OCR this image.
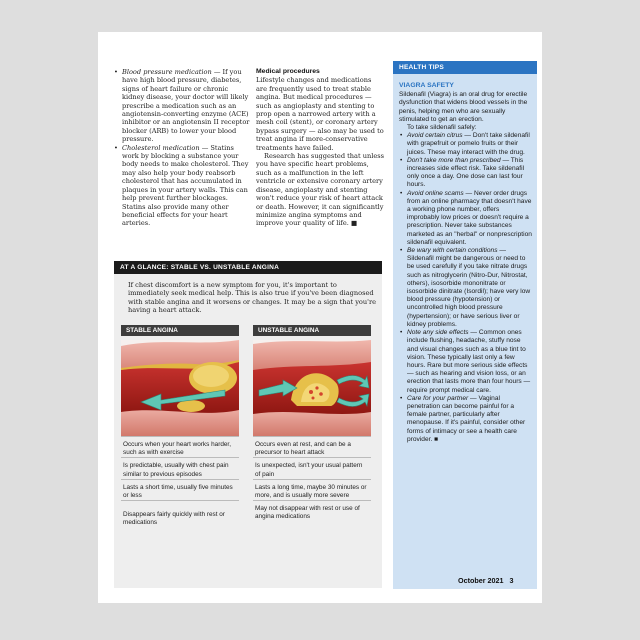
• Blood pressure medication — If you have high blood pressure, diabetes, signs of heart failure or chronic kidney disease, your doctor will likely prescribe a medication such as an angiotensin-converting enzyme (ACE) inhibitor or an angiotensin II receptor blocker (ARB) to lower your blood pressure.
• Cholesterol medication — Statins work by blocking a substance your body needs to make cholesterol. They may also help your body reabsorb cholesterol that has accumulated in plaques in your artery walls. This can help prevent further blockages. Statins also provide many other beneficial effects for your heart arteries.
Medical procedures

Lifestyle changes and medications are frequently used to treat stable angina. But medical procedures — such as angioplasty and stenting to prop open a narrowed artery with a mesh coil (stent), or coronary artery bypass surgery — also may be used to treat angina if more-conservative treatments have failed.

Research has suggested that unless you have specific heart problems, such as a malfunction in the left ventricle or extensive coronary artery disease, angioplasty and stenting won't reduce your risk of heart attack or death. However, it can significantly minimize angina symptoms and improve your quality of life. ■

AT A GLANCE: STABLE VS. UNSTABLE ANGINA
If chest discomfort is a new symptom for you, it's important to immediately seek medical help. This is also true if you've been diagnosed with stable angina and it worsens or changes. It may be a sign that you're having a heart attack.
STABLE ANGINA
Occurs when your heart works harder, such as with exercise
Is predictable, usually with chest pain similar to previous episodes
Lasts a short time, usually five minutes or less
Disappears fairly quickly with rest or medications
UNSTABLE ANGINA
Occurs even at rest, and can be a precursor to heart attack
Is unexpected, isn't your usual pattern of pain
Lasts a long time, maybe 30 minutes or more, and is usually more severe
May not disappear with rest or use of angina medications
HEALTH TIPS
VIAGRA SAFETY
Sildenafil (Viagra) is an oral drug for erectile dysfunction that widens blood vessels in the penis, helping men who are sexually stimulated to get an erection.
To take sildenafil safely:
• Avoid certain citrus — Don't take sildenafil with grapefruit or pomelo fruits or their juices. These may interact with the drug.
• Don't take more than prescribed — This increases side effect risk. Take sildenafil only once a day. One dose can last four hours.
• Avoid online scams — Never order drugs from an online pharmacy that doesn't have a working phone number, offers improbably low prices or doesn't require a prescription. Never take substances marketed as an "herbal" or nonprescription sildenafil equivalent.
• Be wary with certain conditions — Sildenafil might be dangerous or need to be used carefully if you take nitrate drugs such as nitroglycerin (Nitro-Dur, Nitrostat, others), isosorbide mononitrate or isosorbide dinitrate (Isordil); have very low blood pressure (hypotension) or uncontrolled high blood pressure (hypertension); or have serious liver or kidney problems.
• Note any side effects — Common ones include flushing, headache, stuffy nose and visual changes such as a blue tint to vision. These typically last only a few hours. Rare but more serious side effects — such as hearing and vision loss, or an erection that lasts more than four hours — require prompt medical care.
• Care for your partner — Vaginal penetration can become painful for a female partner, particularly after menopause. If it's painful, consider other forms of intimacy or see a health care provider. ■
October 2021 3
